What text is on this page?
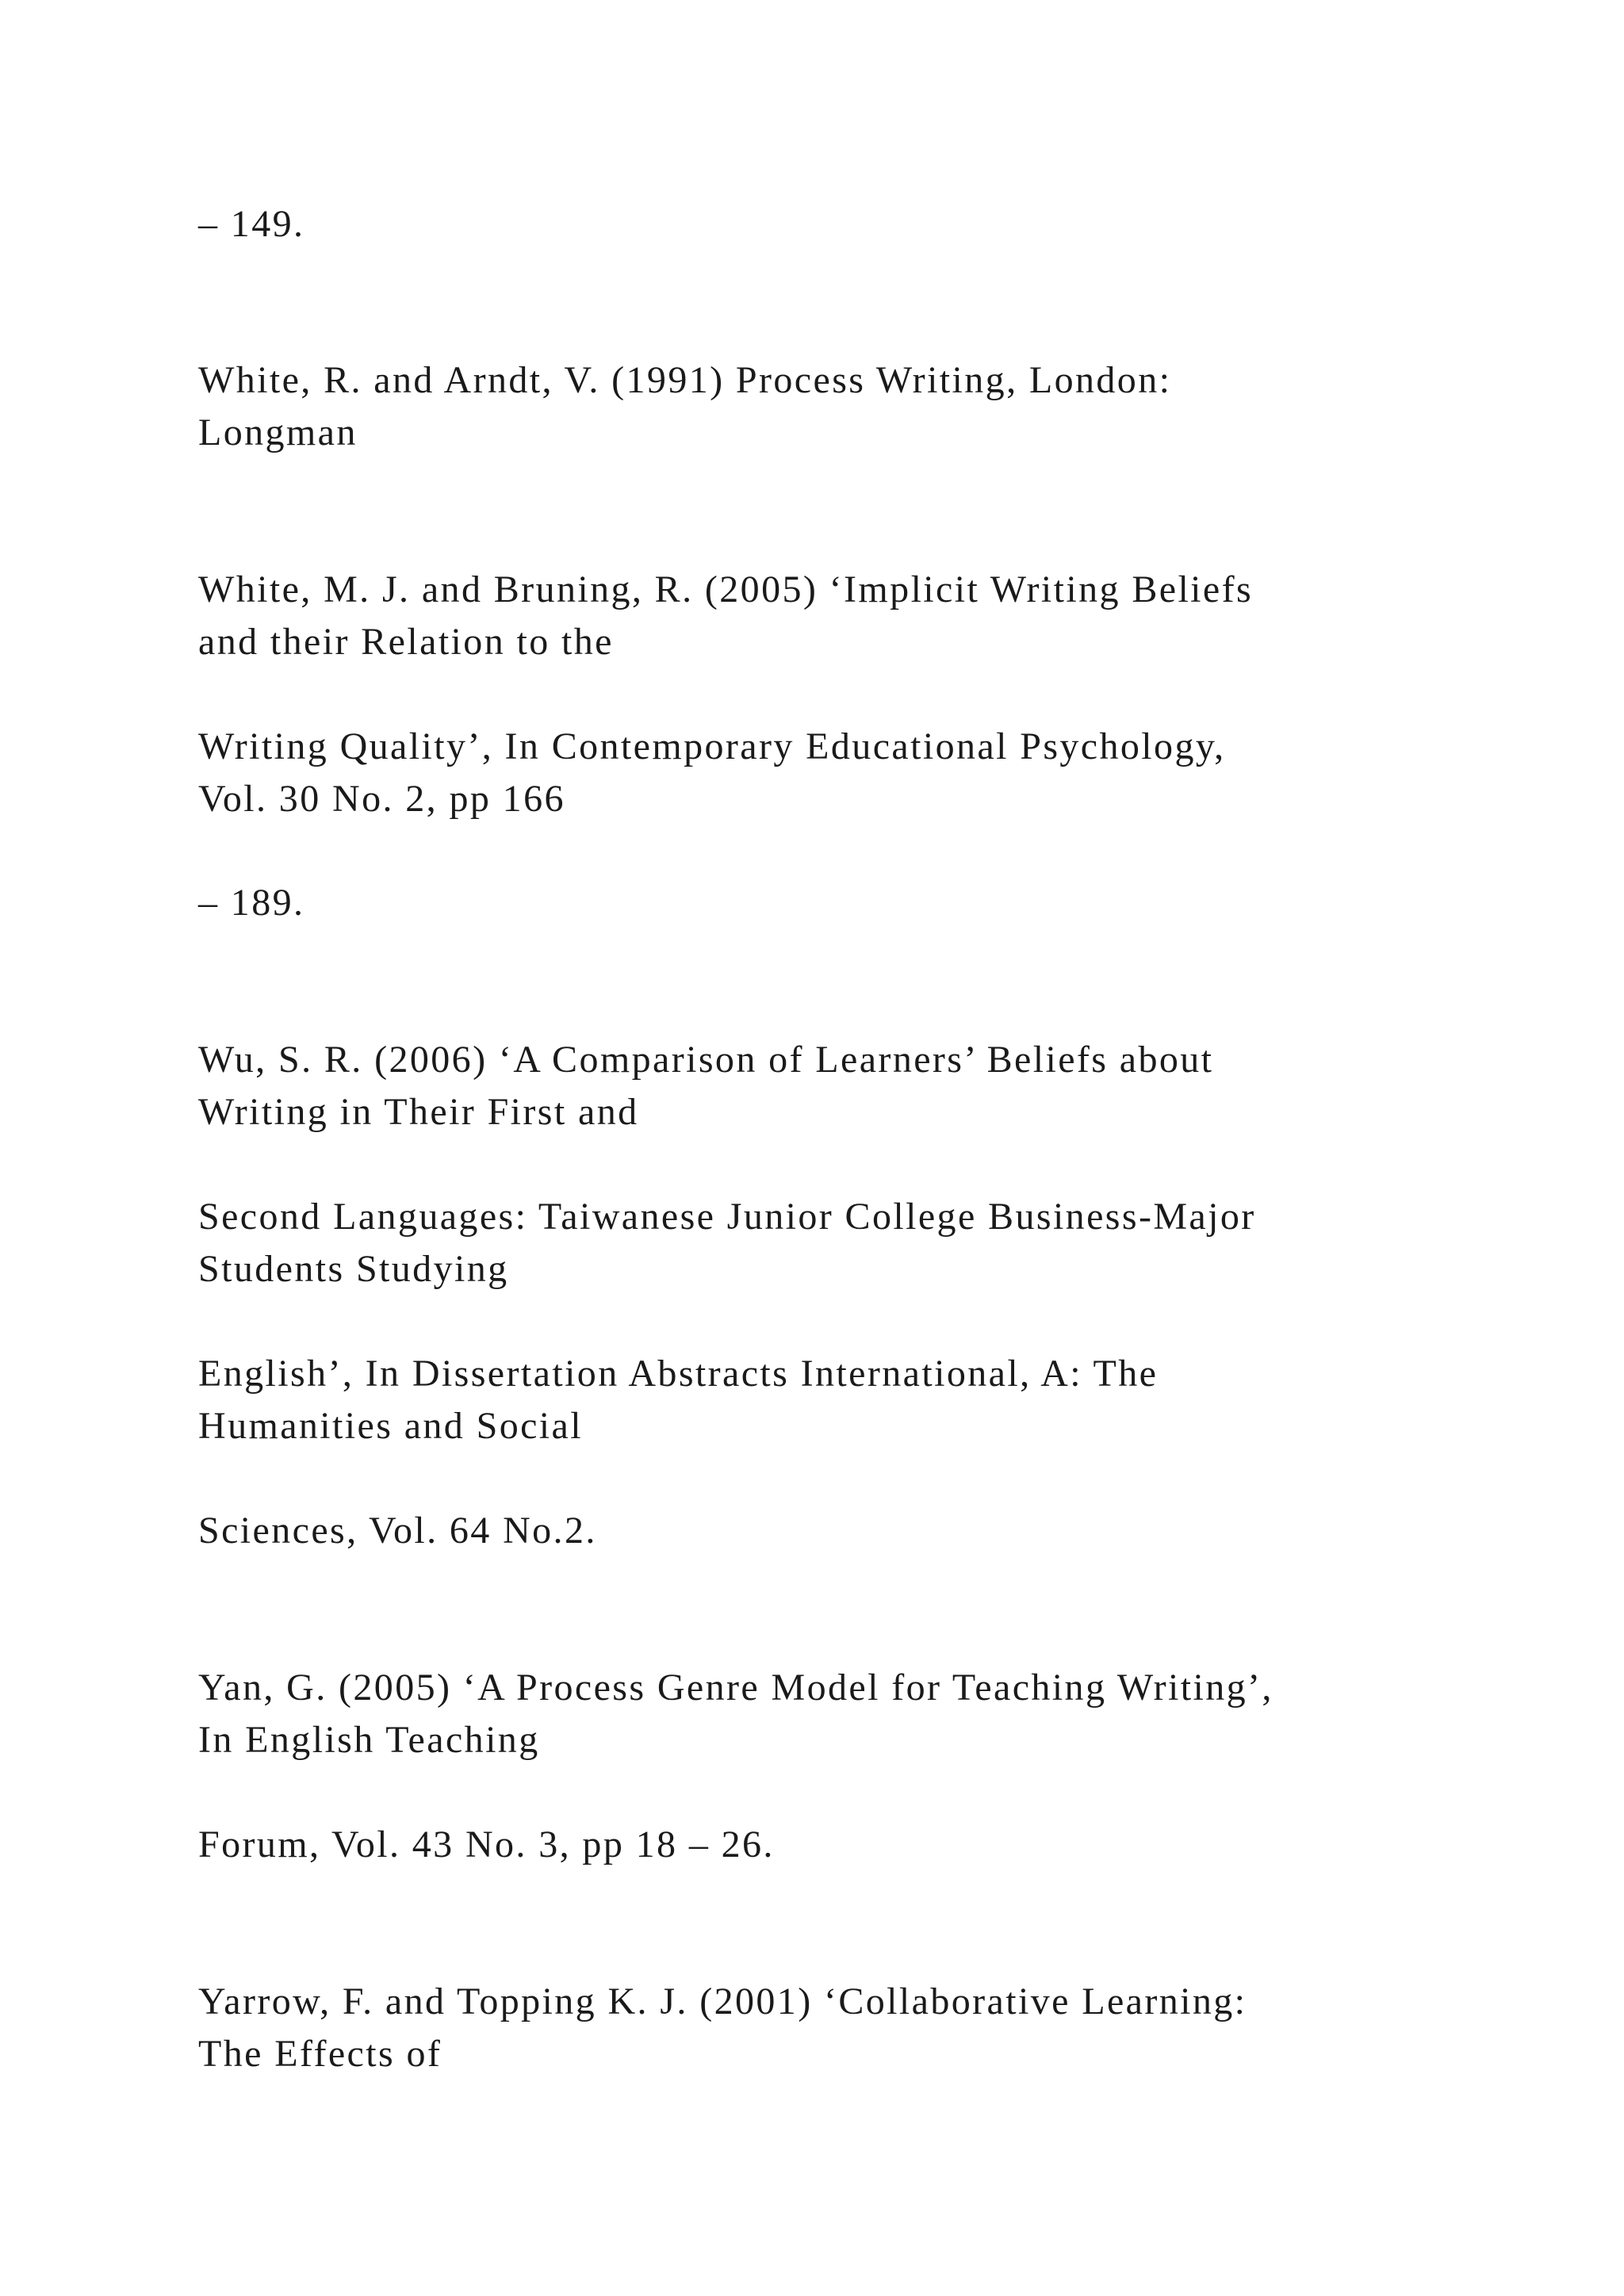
– 149.

White, R. and Arndt, V. (1991) Process Writing, London:

Longman

White, M. J. and Bruning, R. (2005) ‘Implicit Writing Beliefs

and their Relation to the

Writing Quality’, In Contemporary Educational Psychology,

Vol. 30 No. 2, pp 166

– 189.

Wu, S. R. (2006) ‘A Comparison of Learners’ Beliefs about

Writing in Their First and

Second Languages: Taiwanese Junior College Business-Major

Students Studying

English’, In Dissertation Abstracts International, A: The

Humanities and Social

Sciences, Vol. 64 No.2.

Yan, G. (2005) ‘A Process Genre Model for Teaching Writing’,

In English Teaching

Forum, Vol. 43 No. 3, pp 18 – 26.

Yarrow, F. and Topping K. J. (2001) ‘Collaborative Learning:

The Effects of
